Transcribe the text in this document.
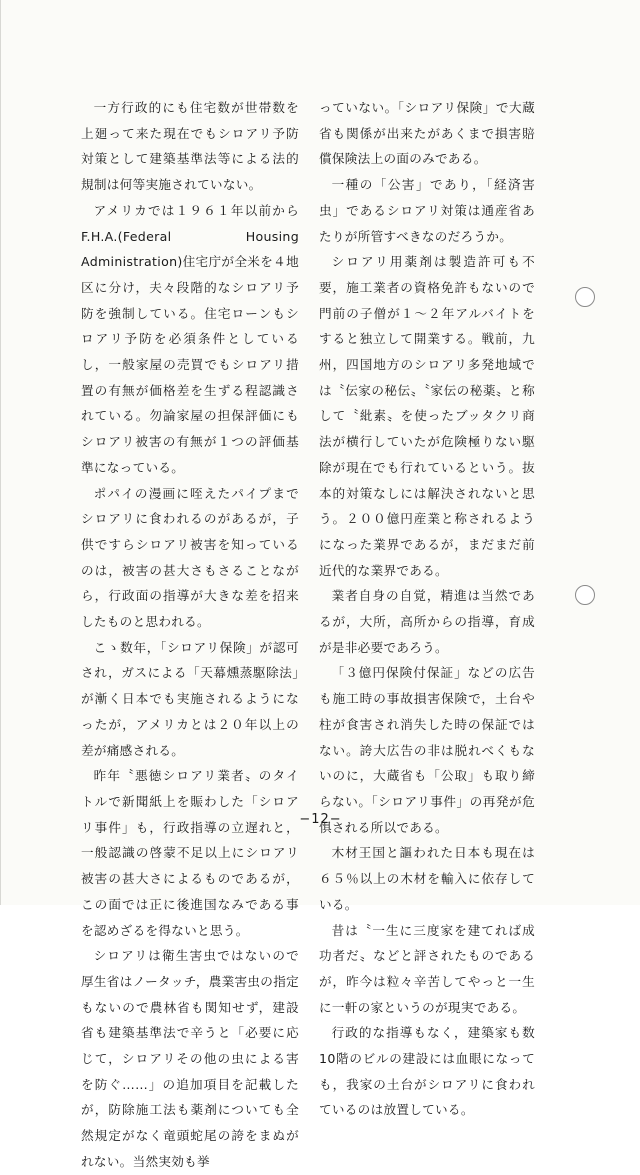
一方行政的にも住宅数が世帯数を上廻って来た現在でもシロアリ予防対策として建築基準法等による法的規制は何等実施されていない。

アメリカでは１９６１年以前からF.H.A.(Federal Housing Administration)住宅庁が全米を４地区に分け，夫々段階的なシロアリ予防を強制している。住宅ローンもシロアリ予防を必須条件としているし，一般家屋の売買でもシロアリ措置の有無が価格差を生ずる程認識されている。勿論家屋の担保評価にもシロアリ被害の有無が１つの評価基準になっている。

ポパイの漫画に咥えたパイプまでシロアリに食われるのがあるが，子供ですらシロアリ被害を知っているのは，被害の甚大さもさることながら，行政面の指導が大きな差を招来したものと思われる。

こゝ数年，「シロアリ保険」が認可され，ガスによる「天幕燻蒸駆除法」が漸く日本でも実施されるようになったが，アメリカとは２０年以上の差が痛感される。

昨年〝悪徳シロアリ業者〟のタイトルで新聞紙上を賑わした「シロアリ事件」も，行政指導の立遅れと，一般認識の啓蒙不足以上にシロアリ被害の甚大さによるものであるが，この面では正に後進国なみである事を認めざるを得ないと思う。

シロアリは衛生害虫ではないので厚生省はノータッチ，農業害虫の指定もないので農林省も関知せず，建設省も建築基準法で辛うと「必要に応じて，シロアリその他の虫による害を防ぐ……」の追加項目を記載したが，防除施工法も薬剤についても全然規定がなく竜頭蛇尾の誇をまぬがれない。当然実効も挙

っていない。「シロアリ保険」で大蔵省も関係が出来たがあくまで損害賠償保険法上の面のみである。

一種の「公害」であり，「経済害虫」であるシロアリ対策は通産省あたりが所管すべきなのだろうか。

シロアリ用薬剤は製造許可も不要，施工業者の資格免許もないので門前の子僧が１〜２年アルバイトをすると独立して開業する。戦前，九州，四国地方のシロアリ多発地域では〝伝家の秘伝〟〝家伝の秘薬〟と称して〝紕素〟を使ったブッタクリ商法が横行していたが危険極りない駆除が現在でも行れているという。抜本的対策なしには解決されないと思う。２００億円産業と称されるようになった業界であるが，まだまだ前近代的な業界である。

業者自身の自覚，精進は当然であるが，大所，高所からの指導，育成が是非必要であろう。

「３億円保険付保証」などの広告も施工時の事故損害保険で，土台や柱が食害され消失した時の保証ではない。誇大広告の非は脱れべくもないのに，大蔵省も「公取」も取り締らない。「シロアリ事件」の再発が危惧される所以である。

木材王国と謳われた日本も現在は６５％以上の木材を輸入に依存している。

昔は〝一生に三度家を建てれば成功者だ〟などと評されたものであるが，昨今は粒々辛苦してやっと一生に一軒の家というのが現実である。

行政的な指導もなく，建築家も数10階のビルの建設には血眼になっても，我家の土台がシロアリに食われているのは放置している。

−12−
